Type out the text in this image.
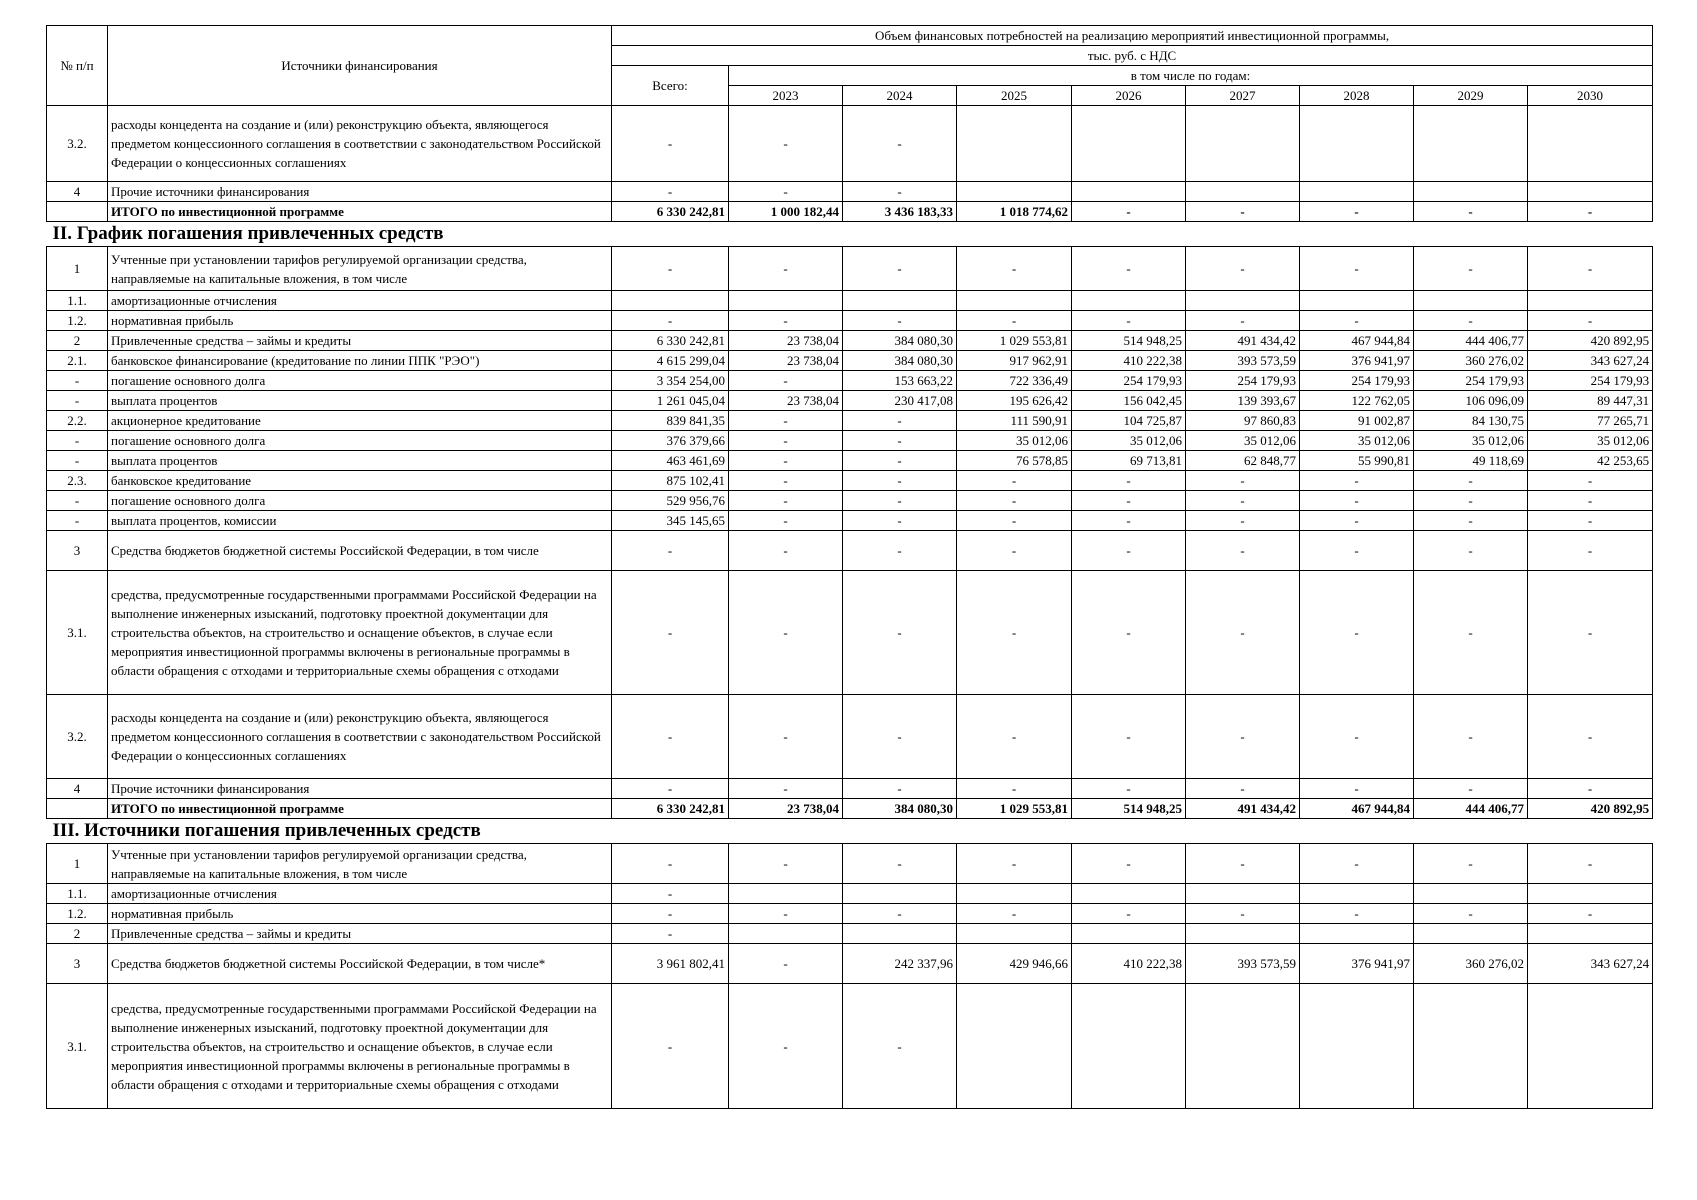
№ п/п	Источники финансирования	Объем финансовых потребностей на реализацию мероприятий инвестиционной программы,								
		тыс. руб. с НДС								
		Всего:	в том числе по годам:							
			2023	2024	2025	2026	2027	2028	2029	2030
3.2.	расходы концедента на создание и (или) реконструкцию объекта, являющегося предметом концессионного соглашения в соответствии с законодательством Российской Федерации о концессионных соглашениях	-	-	-						
4	Прочие источники финансирования	-	-	-						
	ИТОГО по инвестиционной программе	6 330 242,81	1 000 182,44	3 436 183,33	1 018 774,62	-	-	-	-	-
II. График погашения привлеченных средств										
1	Учтенные при установлении тарифов регулируемой организации средства, направляемые на капитальные вложения, в том числе	-	-	-	-	-	-	-	-	-
1.1.	амортизационные отчисления									
1.2.	нормативная прибыль	-	-	-	-	-	-	-	-	-
2	Привлеченные средства – займы и кредиты	6 330 242,81	23 738,04	384 080,30	1 029 553,81	514 948,25	491 434,42	467 944,84	444 406,77	420 892,95
2.1.	банковское финансирование (кредитование по линии ППК "РЭО")	4 615 299,04	23 738,04	384 080,30	917 962,91	410 222,38	393 573,59	376 941,97	360 276,02	343 627,24
-	погашение основного долга	3 354 254,00	-	153 663,22	722 336,49	254 179,93	254 179,93	254 179,93	254 179,93	254 179,93
-	выплата процентов	1 261 045,04	23 738,04	230 417,08	195 626,42	156 042,45	139 393,67	122 762,05	106 096,09	89 447,31
2.2.	акционерное кредитование	839 841,35	-	-	111 590,91	104 725,87	97 860,83	91 002,87	84 130,75	77 265,71
-	погашение основного долга	376 379,66	-	-	35 012,06	35 012,06	35 012,06	35 012,06	35 012,06	35 012,06
-	выплата процентов	463 461,69	-	-	76 578,85	69 713,81	62 848,77	55 990,81	49 118,69	42 253,65
2.3.	банковское кредитование	875 102,41	-	-	-	-	-	-	-	-
-	погашение основного долга	529 956,76	-	-	-	-	-	-	-	-
-	выплата процентов, комиссии	345 145,65	-	-	-	-	-	-	-	-
3	Средства бюджетов бюджетной системы Российской Федерации, в том числе	-	-	-	-	-	-	-	-	-
3.1.	средства, предусмотренные государственными программами Российской Федерации на выполнение инженерных изысканий, подготовку проектной документации для строительства объектов, на строительство и оснащение объектов, в случае если мероприятия инвестиционной программы включены в региональные программы в области обращения с отходами и территориальные схемы обращения с отходами	-	-	-	-	-	-	-	-	-
3.2.	расходы концедента на создание и (или) реконструкцию объекта, являющегося предметом концессионного соглашения в соответствии с законодательством Российской Федерации о концессионных соглашениях	-	-	-	-	-	-	-	-	-
4	Прочие источники финансирования	-	-	-	-	-	-	-	-	-
	ИТОГО по инвестиционной программе	6 330 242,81	23 738,04	384 080,30	1 029 553,81	514 948,25	491 434,42	467 944,84	444 406,77	420 892,95
III. Источники погашения привлеченных средств										
1	Учтенные при установлении тарифов регулируемой организации средства, направляемые на капитальные вложения, в том числе	-	-	-	-	-	-	-	-	-
1.1.	амортизационные отчисления	-								
1.2.	нормативная прибыль	-	-	-	-	-	-	-	-	-
2	Привлеченные средства – займы и кредиты	-								
3	Средства бюджетов бюджетной системы Российской Федерации, в том числе*	3 961 802,41	-	242 337,96	429 946,66	410 222,38	393 573,59	376 941,97	360 276,02	343 627,24
3.1.	средства, предусмотренные государственными программами Российской Федерации на выполнение инженерных изысканий, подготовку проектной документации для строительства объектов, на строительство и оснащение объектов, в случае если мероприятия инвестиционной программы включены в региональные программы в области обращения с отходами и территориальные схемы обращения с отходами	-	-	-						
